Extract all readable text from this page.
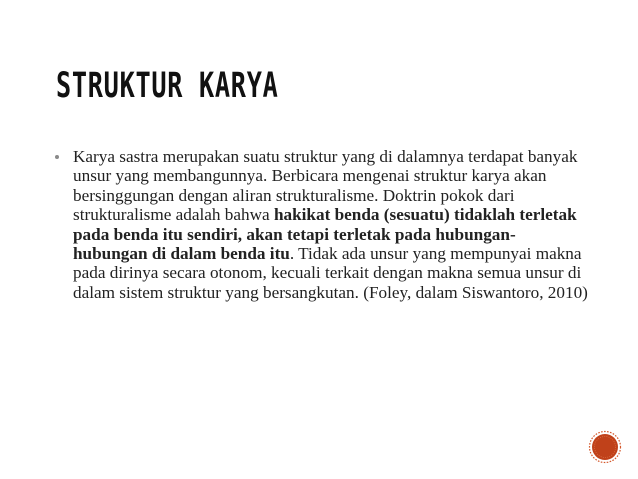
STRUKTUR KARYA
Karya sastra merupakan suatu struktur yang di dalamnya terdapat banyak unsur yang membangunnya. Berbicara mengenai struktur karya akan bersinggungan dengan aliran strukturalisme. Doktrin pokok dari strukturalisme adalah bahwa hakikat benda (sesuatu) tidaklah terletak pada benda itu sendiri, akan tetapi terletak pada hubungan-hubungan di dalam benda itu. Tidak ada unsur yang mempunyai makna pada dirinya secara otonom, kecuali terkait dengan makna semua unsur di dalam sistem struktur yang bersangkutan. (Foley, dalam Siswantoro, 2010)
